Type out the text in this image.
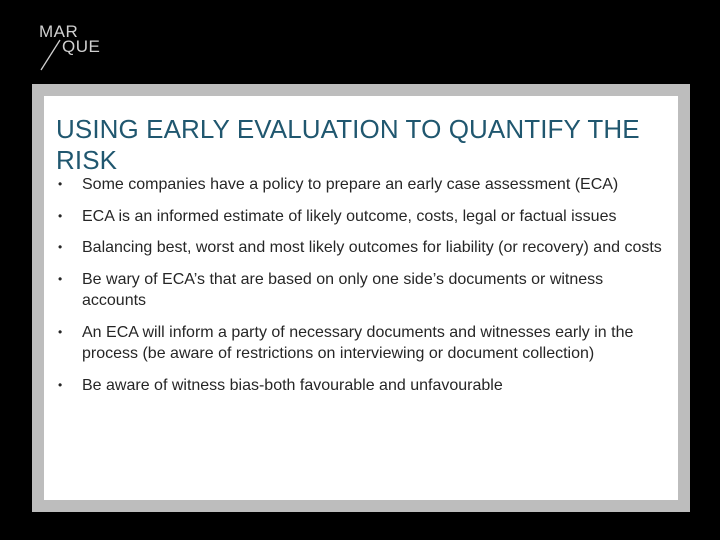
MAR
QUE
USING EARLY EVALUATION TO QUANTIFY THE RISK
• Some companies have a policy to prepare an early case assessment (ECA)
• ECA is an informed estimate of likely outcome, costs, legal or factual issues
• Balancing best, worst and most likely outcomes for liability (or recovery) and costs
• Be wary of ECA’s that are based on only one side’s documents or witness accounts
• An ECA will inform a party of necessary documents and witnesses early in the process (be aware of restrictions on interviewing or document collection)
• Be aware of witness bias-both favourable and unfavourable
